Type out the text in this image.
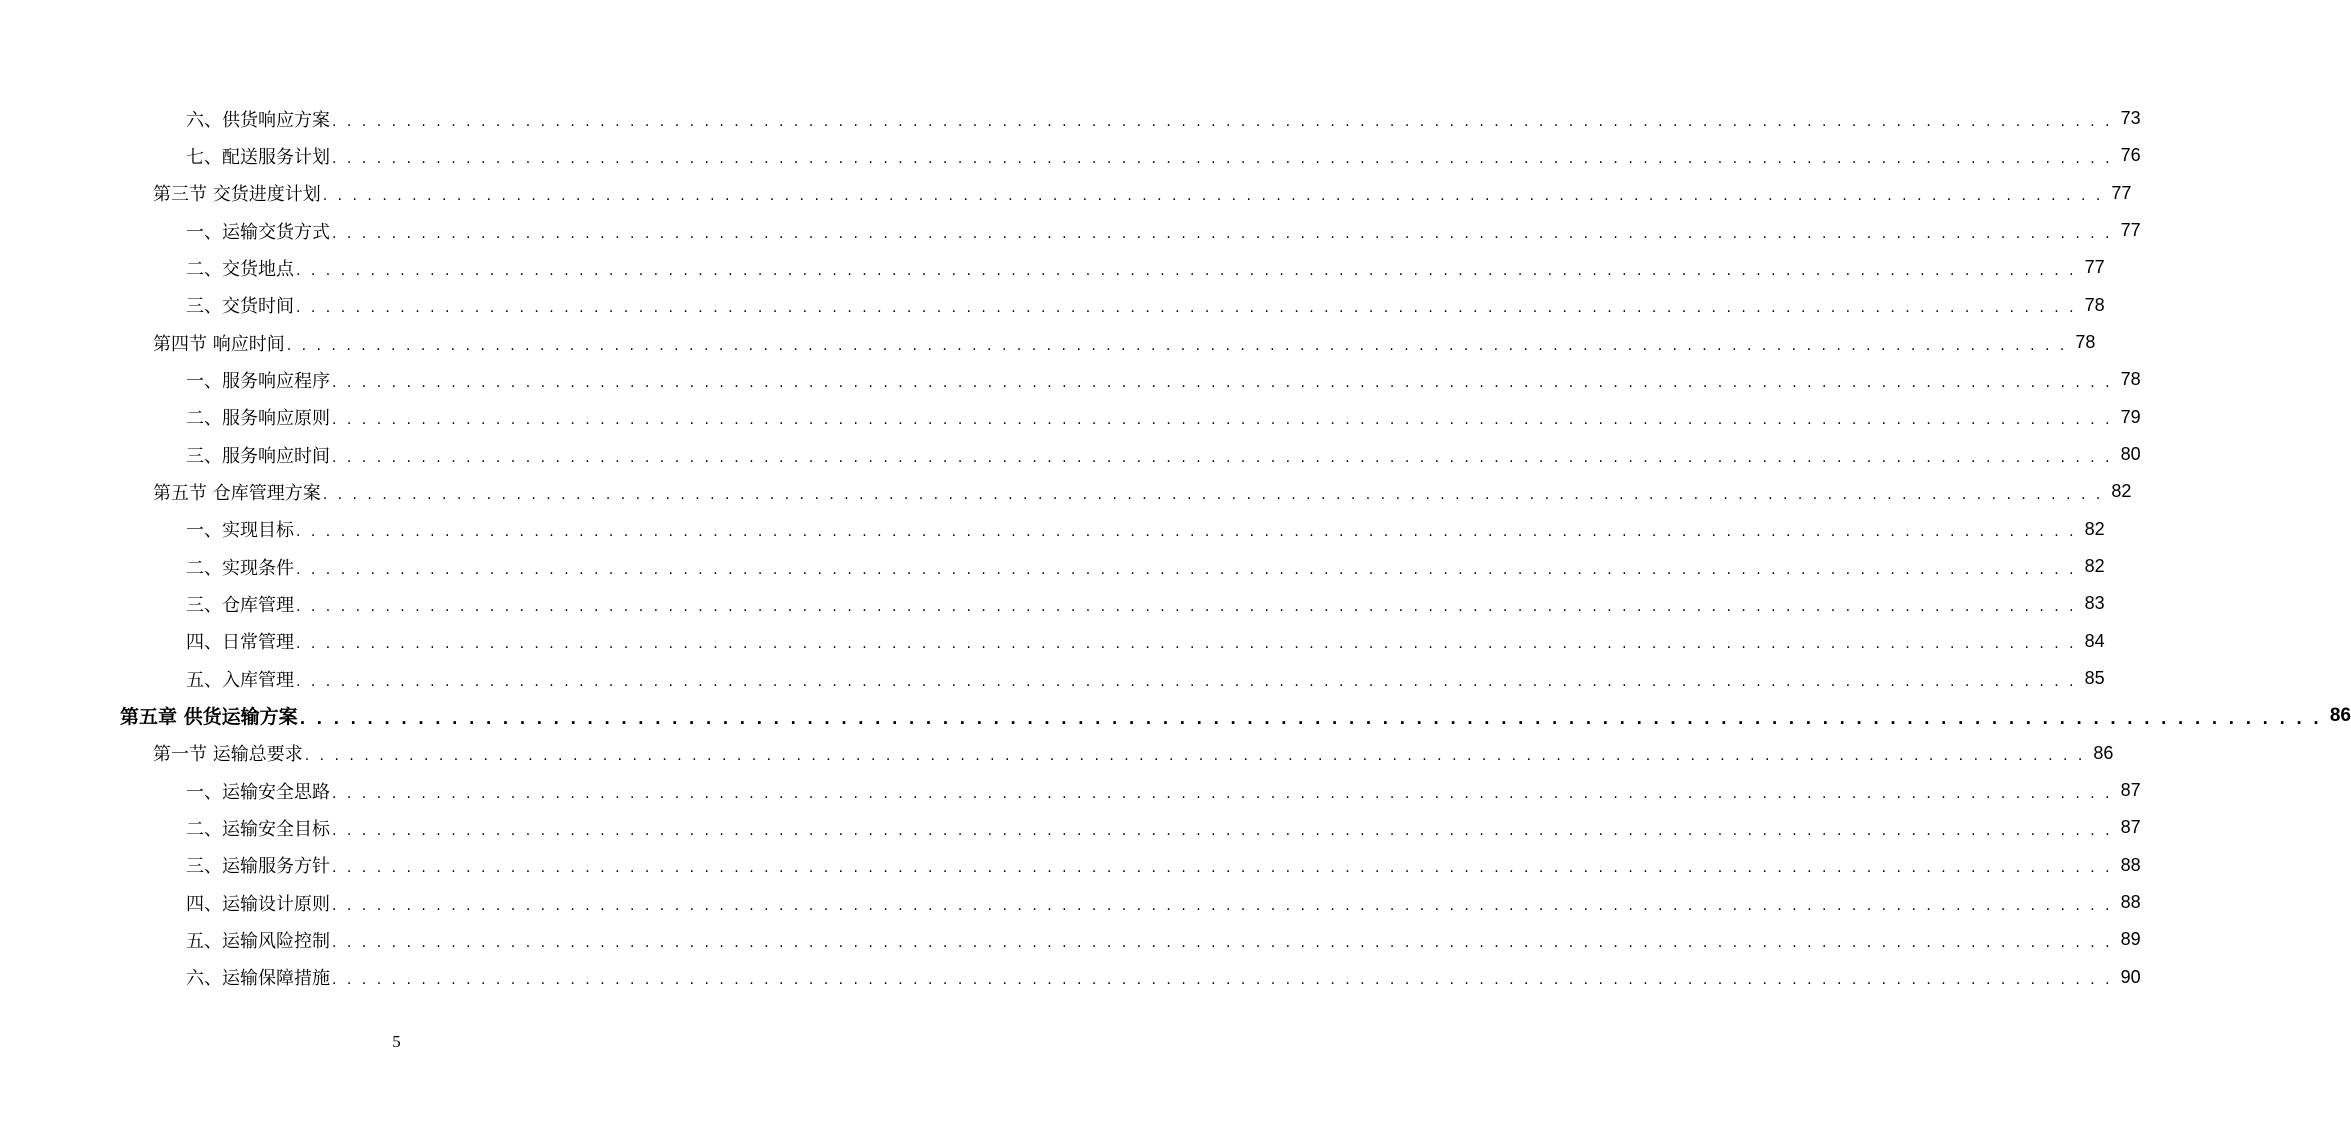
六、供货响应方案 . . . . . . . . . . . . . . . . . . . . . . . . . . . . . . . . . . . . . . . . . . . . . . . . . . . . . . . . . . . . . . . . . . . . . . . . . . . . . . . . . . . . . . . . . . . . . . . . . . . . . . . . . . . . . . . . . . . . . . . . 73
七、配送服务计划 . . . . . . . . . . . . . . . . . . . . . . . . . . . . . . . . . . . . . . . . . . . . . . . . . . . . . . . . . . . . . . . . . . . . . . . . . . . . . . . . . . . . . . . . . . . . . . . . . . . . . . . . . . . . . . . . . . . . . . . . 76
第三节 交货进度计划 . . . . . . . . . . . . . . . . . . . . . . . . . . . . . . . . . . . . . . . . . . . . . . . . . . . . . . . . . . . . . . . . . . . . . . . . . . . . . . . . . . . . . . . . . . . . . . . . . . . . . . . . . . . . . . . . . . . . . . . . 77
一、运输交货方式 . . . . . . . . . . . . . . . . . . . . . . . . . . . . . . . . . . . . . . . . . . . . . . . . . . . . . . . . . . . . . . . . . . . . . . . . . . . . . . . . . . . . . . . . . . . . . . . . . . . . . . . . . . . . . . . . . . . . . . . . 77
二、交货地点 . . . . . . . . . . . . . . . . . . . . . . . . . . . . . . . . . . . . . . . . . . . . . . . . . . . . . . . . . . . . . . . . . . . . . . . . . . . . . . . . . . . . . . . . . . . . . . . . . . . . . . . . . . . . . . . . . . . . . . . . 77
三、交货时间 . . . . . . . . . . . . . . . . . . . . . . . . . . . . . . . . . . . . . . . . . . . . . . . . . . . . . . . . . . . . . . . . . . . . . . . . . . . . . . . . . . . . . . . . . . . . . . . . . . . . . . . . . . . . . . . . . . . . . . . . 78
第四节 响应时间 . . . . . . . . . . . . . . . . . . . . . . . . . . . . . . . . . . . . . . . . . . . . . . . . . . . . . . . . . . . . . . . . . . . . . . . . . . . . . . . . . . . . . . . . . . . . . . . . . . . . . . . . . . . . . . . . . . . . . . . . 78
一、服务响应程序 . . . . . . . . . . . . . . . . . . . . . . . . . . . . . . . . . . . . . . . . . . . . . . . . . . . . . . . . . . . . . . . . . . . . . . . . . . . . . . . . . . . . . . . . . . . . . . . . . . . . . . . . . . . . . . . . . . . . . . . . 78
二、服务响应原则 . . . . . . . . . . . . . . . . . . . . . . . . . . . . . . . . . . . . . . . . . . . . . . . . . . . . . . . . . . . . . . . . . . . . . . . . . . . . . . . . . . . . . . . . . . . . . . . . . . . . . . . . . . . . . . . . . . . . . . . . 79
三、服务响应时间 . . . . . . . . . . . . . . . . . . . . . . . . . . . . . . . . . . . . . . . . . . . . . . . . . . . . . . . . . . . . . . . . . . . . . . . . . . . . . . . . . . . . . . . . . . . . . . . . . . . . . . . . . . . . . . . . . . . . . . . . 80
第五节 仓库管理方案 . . . . . . . . . . . . . . . . . . . . . . . . . . . . . . . . . . . . . . . . . . . . . . . . . . . . . . . . . . . . . . . . . . . . . . . . . . . . . . . . . . . . . . . . . . . . . . . . . . . . . . . . . . . . . . . . . . . . . . . . 82
一、实现目标 . . . . . . . . . . . . . . . . . . . . . . . . . . . . . . . . . . . . . . . . . . . . . . . . . . . . . . . . . . . . . . . . . . . . . . . . . . . . . . . . . . . . . . . . . . . . . . . . . . . . . . . . . . . . . . . . . . . . . . . . 82
二、实现条件 . . . . . . . . . . . . . . . . . . . . . . . . . . . . . . . . . . . . . . . . . . . . . . . . . . . . . . . . . . . . . . . . . . . . . . . . . . . . . . . . . . . . . . . . . . . . . . . . . . . . . . . . . . . . . . . . . . . . . . . . 82
三、仓库管理 . . . . . . . . . . . . . . . . . . . . . . . . . . . . . . . . . . . . . . . . . . . . . . . . . . . . . . . . . . . . . . . . . . . . . . . . . . . . . . . . . . . . . . . . . . . . . . . . . . . . . . . . . . . . . . . . . . . . . . . . 83
四、日常管理 . . . . . . . . . . . . . . . . . . . . . . . . . . . . . . . . . . . . . . . . . . . . . . . . . . . . . . . . . . . . . . . . . . . . . . . . . . . . . . . . . . . . . . . . . . . . . . . . . . . . . . . . . . . . . . . . . . . . . . . . 84
五、入库管理 . . . . . . . . . . . . . . . . . . . . . . . . . . . . . . . . . . . . . . . . . . . . . . . . . . . . . . . . . . . . . . . . . . . . . . . . . . . . . . . . . . . . . . . . . . . . . . . . . . . . . . . . . . . . . . . . . . . . . . . . 85
第五章 供货运输方案 . . . . . . . . . . . . . . . . . . . . . . . . . . . . . . . . . . . . . . . . . . . . . . . . . . . . . . . . . . . . . . . . . . . . . . . . . . . . . . . . . . . . . . . . . . . . . . . . . . . . . . . . . . . . . . . . . . . . . . . . 86
第一节 运输总要求 . . . . . . . . . . . . . . . . . . . . . . . . . . . . . . . . . . . . . . . . . . . . . . . . . . . . . . . . . . . . . . . . . . . . . . . . . . . . . . . . . . . . . . . . . . . . . . . . . . . . . . . . . . . . . . . . . . . . . . . . 86
一、运输安全思路 . . . . . . . . . . . . . . . . . . . . . . . . . . . . . . . . . . . . . . . . . . . . . . . . . . . . . . . . . . . . . . . . . . . . . . . . . . . . . . . . . . . . . . . . . . . . . . . . . . . . . . . . . . . . . . . . . . . . . . . . 87
二、运输安全目标 . . . . . . . . . . . . . . . . . . . . . . . . . . . . . . . . . . . . . . . . . . . . . . . . . . . . . . . . . . . . . . . . . . . . . . . . . . . . . . . . . . . . . . . . . . . . . . . . . . . . . . . . . . . . . . . . . . . . . . . . 87
三、运输服务方针 . . . . . . . . . . . . . . . . . . . . . . . . . . . . . . . . . . . . . . . . . . . . . . . . . . . . . . . . . . . . . . . . . . . . . . . . . . . . . . . . . . . . . . . . . . . . . . . . . . . . . . . . . . . . . . . . . . . . . . . . 88
四、运输设计原则 . . . . . . . . . . . . . . . . . . . . . . . . . . . . . . . . . . . . . . . . . . . . . . . . . . . . . . . . . . . . . . . . . . . . . . . . . . . . . . . . . . . . . . . . . . . . . . . . . . . . . . . . . . . . . . . . . . . . . . . . 88
五、运输风险控制 . . . . . . . . . . . . . . . . . . . . . . . . . . . . . . . . . . . . . . . . . . . . . . . . . . . . . . . . . . . . . . . . . . . . . . . . . . . . . . . . . . . . . . . . . . . . . . . . . . . . . . . . . . . . . . . . . . . . . . . . 89
六、运输保障措施 . . . . . . . . . . . . . . . . . . . . . . . . . . . . . . . . . . . . . . . . . . . . . . . . . . . . . . . . . . . . . . . . . . . . . . . . . . . . . . . . . . . . . . . . . . . . . . . . . . . . . . . . . . . . . . . . . . . . . . . . 90
5
